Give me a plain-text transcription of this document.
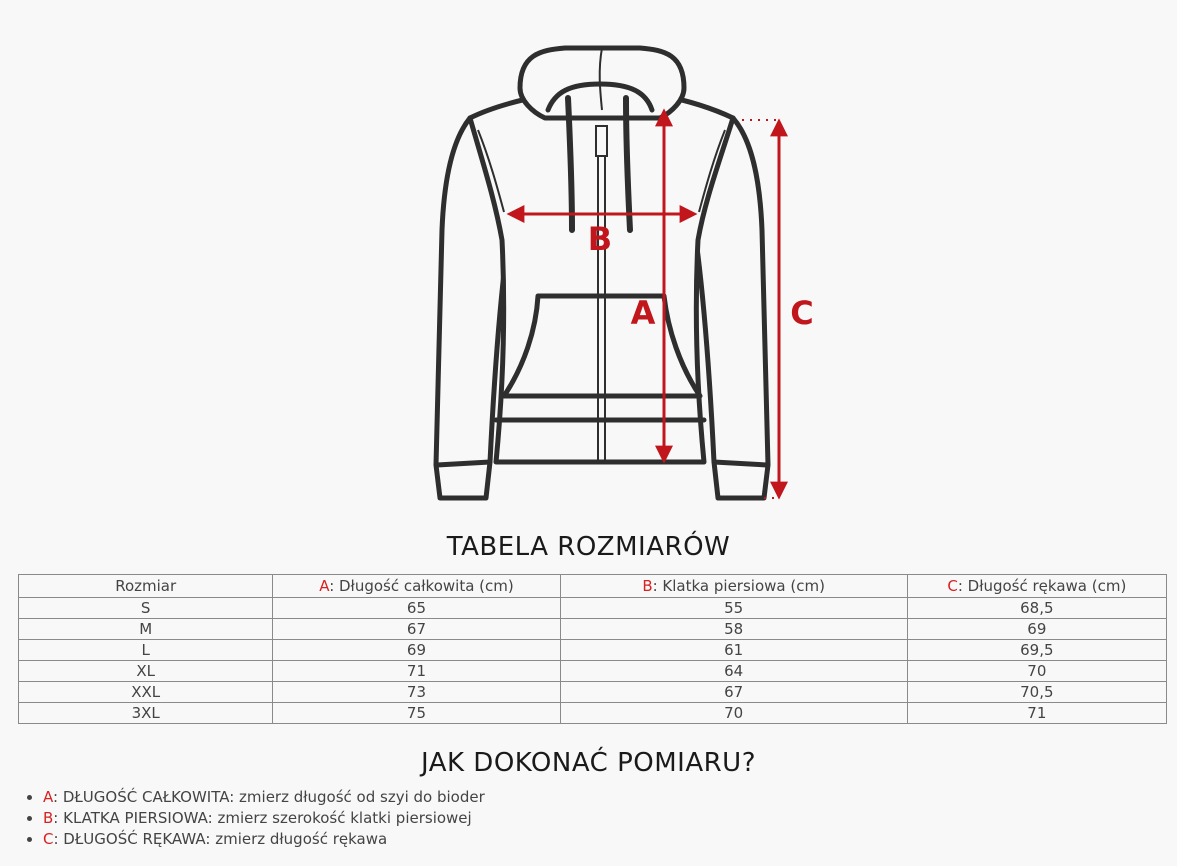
B
A	C
TABELA ROZMIARÓW
Rozmiar	A: Długość całkowita (cm)	B: Klatka piersiowa (cm)	C: Długość rękawa (cm)
S	65	55	68,5
M	67	58	69
L	69	61	69,5
XL	71	64	70
XXL	73	67	70,5
3XL	75	70	71
JAK DOKONAĆ POMIARU?
A: DŁUGOŚĆ CAŁKOWITA: zmierz długość od szyi do bioder
B: KLATKA PIERSIOWA: zmierz szerokość klatki piersiowej
C: DŁUGOŚĆ RĘKAWA: zmierz długość rękawa
